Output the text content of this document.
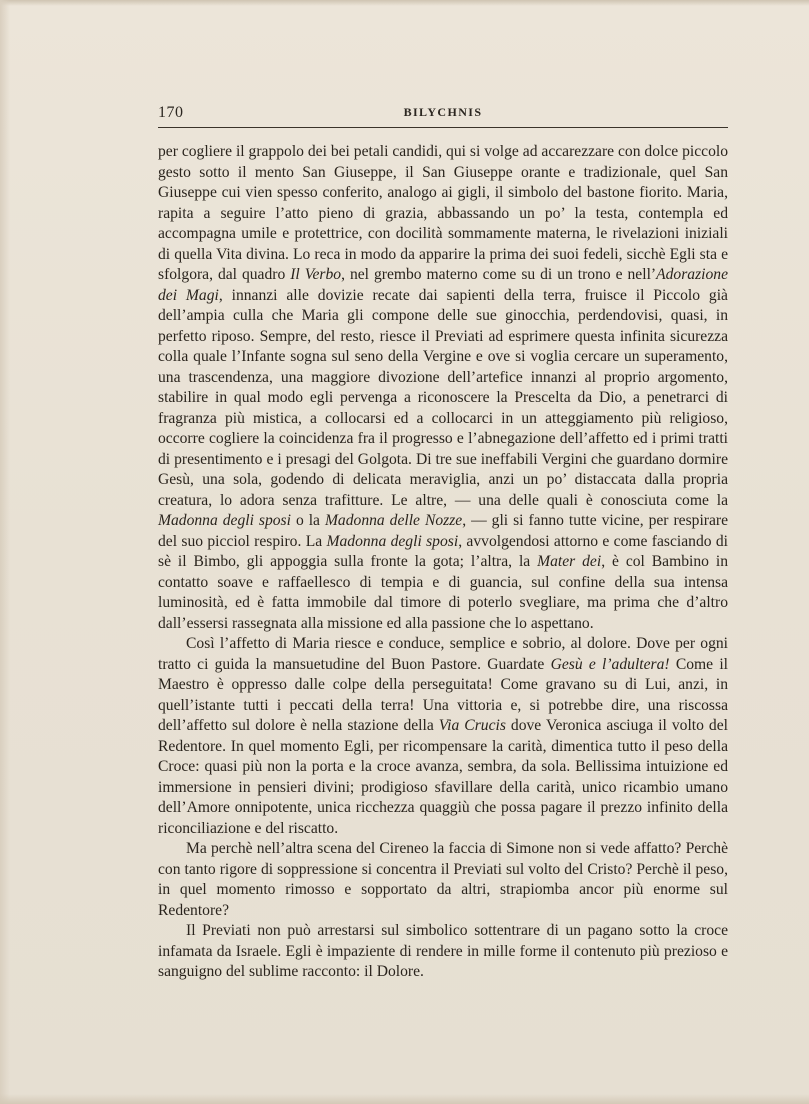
170	BILYCHNIS

per cogliere il grappolo dei bei petali candidi, qui si volge ad accarezzare con dolce piccolo gesto sotto il mento San Giuseppe, il San Giuseppe orante e tradizionale, quel San Giuseppe cui vien spesso conferito, analogo ai gigli, il simbolo del bastone fiorito. Maria, rapita a seguire l’atto pieno di grazia, abbassando un po’ la testa, contempla ed accompagna umile e protettrice, con docilità sommamente materna, le rivelazioni iniziali di quella Vita divina. Lo reca in modo da apparire la prima dei suoi fedeli, sicchè Egli sta e sfolgora, dal quadro Il Verbo, nel grembo materno come su di un trono e nell’Adorazione dei Magi, innanzi alle dovizie recate dai sapienti della terra, fruisce il Piccolo già dell’ampia culla che Maria gli compone delle sue ginocchia, perdendovisi, quasi, in perfetto riposo. Sempre, del resto, riesce il Previati ad esprimere questa infinita sicurezza colla quale l’Infante sogna sul seno della Vergine e ove si voglia cercare un superamento, una trascendenza, una maggiore divozione dell’artefice innanzi al proprio argomento, stabilire in qual modo egli pervenga a riconoscere la Prescelta da Dio, a penetrarci di fragranza più mistica, a collocarsi ed a collocarci in un atteggiamento più religioso, occorre cogliere la coincidenza fra il progresso e l’abnegazione dell’affetto ed i primi tratti di presentimento e i presagi del Golgota. Di tre sue ineffabili Vergini che guardano dormire Gesù, una sola, godendo di delicata meraviglia, anzi un po’ distaccata dalla propria creatura, lo adora senza trafitture. Le altre, — una delle quali è conosciuta come la Madonna degli sposi o la Madonna delle Nozze, — gli si fanno tutte vicine, per respirare del suo picciol respiro. La Madonna degli sposi, avvolgendosi attorno e come fasciando di sè il Bimbo, gli appoggia sulla fronte la gota; l’altra, la Mater dei, è col Bambino in contatto soave e raffaellesco di tempia e di guancia, sul confine della sua intensa luminosità, ed è fatta immobile dal timore di poterlo svegliare, ma prima che d’altro dall’essersi rassegnata alla missione ed alla passione che lo aspettano.

Così l’affetto di Maria riesce e conduce, semplice e sobrio, al dolore. Dove per ogni tratto ci guida la mansuetudine del Buon Pastore. Guardate Gesù e l’adultera! Come il Maestro è oppresso dalle colpe della perseguitata! Come gravano su di Lui, anzi, in quell’istante tutti i peccati della terra! Una vittoria e, si potrebbe dire, una riscossa dell’affetto sul dolore è nella stazione della Via Crucis dove Veronica asciuga il volto del Redentore. In quel momento Egli, per ricompensare la carità, dimentica tutto il peso della Croce: quasi più non la porta e la croce avanza, sembra, da sola. Bellissima intuizione ed immersione in pensieri divini; prodigioso sfavillare della carità, unico ricambio umano dell’Amore onnipotente, unica ricchezza quaggiù che possa pagare il prezzo infinito della riconciliazione e del riscatto.

Ma perchè nell’altra scena del Cireneo la faccia di Simone non si vede affatto? Perchè con tanto rigore di soppressione si concentra il Previati sul volto del Cristo? Perchè il peso, in quel momento rimosso e sopportato da altri, strapiomba ancor più enorme sul Redentore?

Il Previati non può arrestarsi sul simbolico sottentrare di un pagano sotto la croce infamata da Israele. Egli è impaziente di rendere in mille forme il contenuto più prezioso e sanguigno del sublime racconto: il Dolore.
